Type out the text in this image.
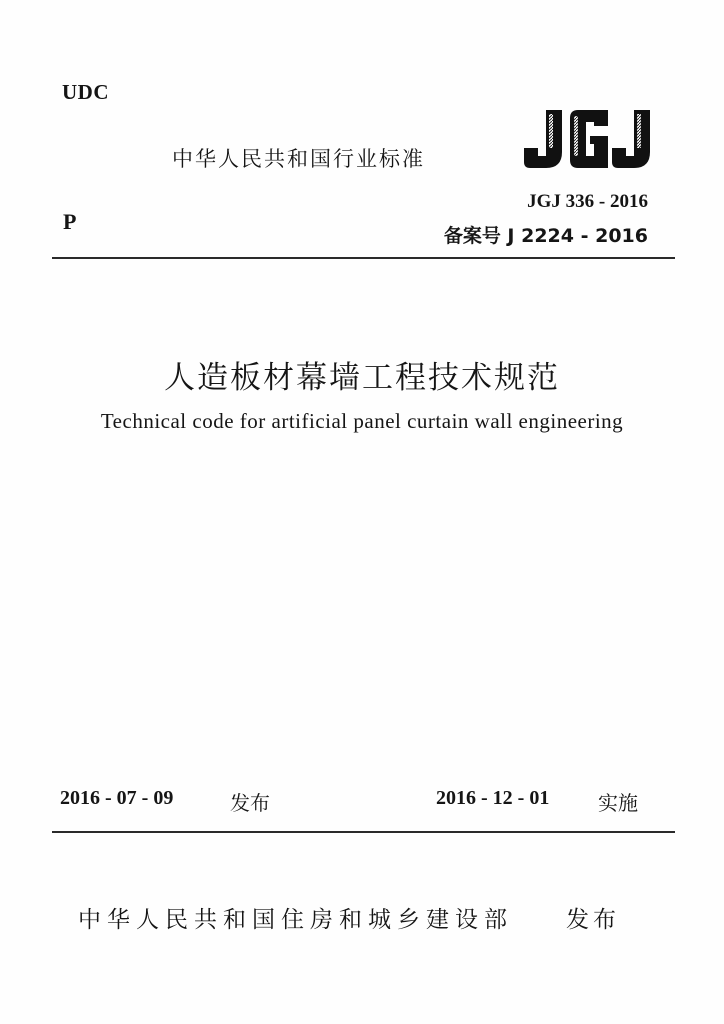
UDC
P
中华人民共和国行业标准
JGJ 336 - 2016
备案号 J 2224 - 2016
人造板材幕墙工程技术规范
Technical code for artificial panel curtain wall engineering
2016 - 07 - 09	发布	2016 - 12 - 01 实施
中华人民共和国住房和城乡建设部 发布
